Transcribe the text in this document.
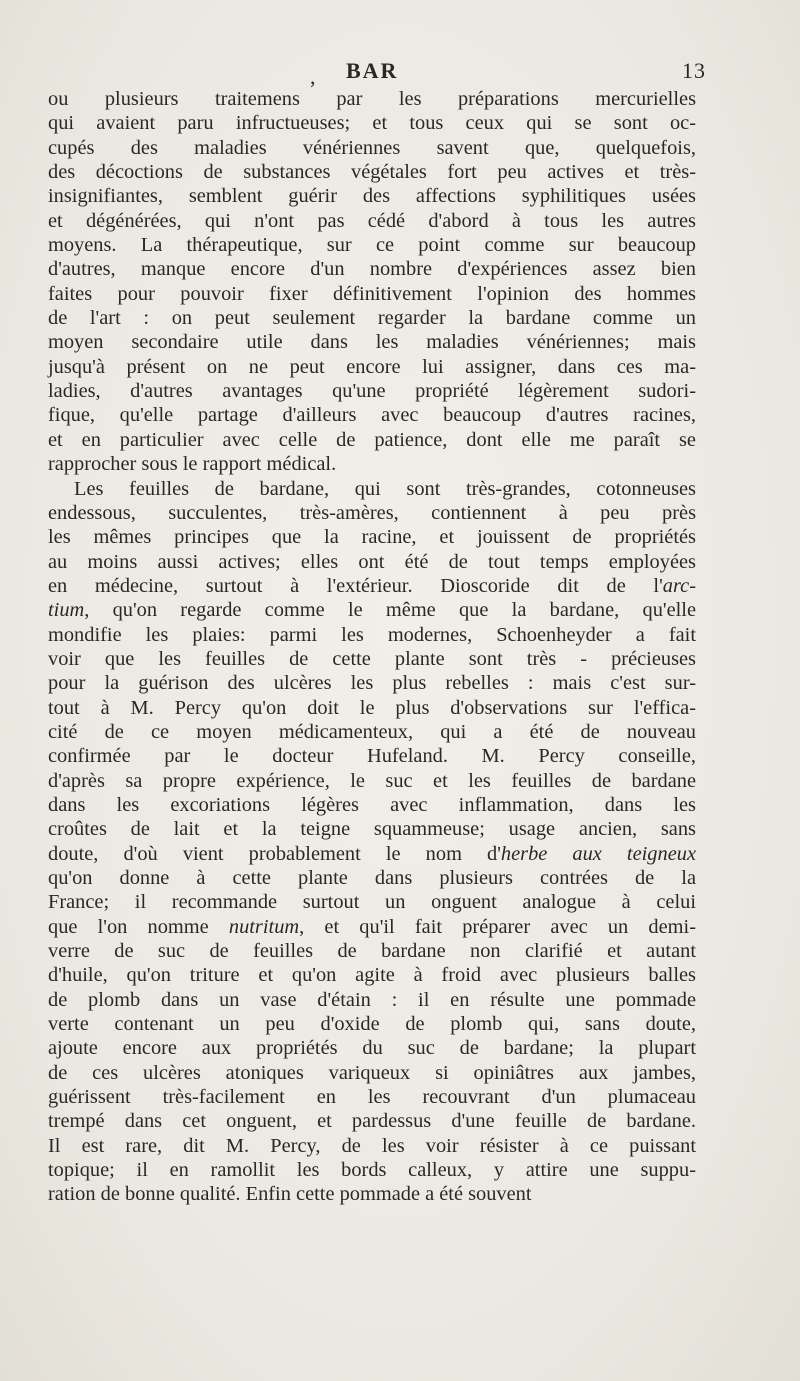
, BAR	13
ou plusieurs traitemens par les préparations mercurielles
qui avaient paru infructueuses; et tous ceux qui se sont oc-
cupés des maladies vénériennes savent que, quelquefois,
des décoctions de substances végétales fort peu actives et très-
insignifiantes, semblent guérir des affections syphilitiques usées
et dégénérées, qui n'ont pas cédé d'abord à tous les autres
moyens. La thérapeutique, sur ce point comme sur beaucoup
d'autres, manque encore d'un nombre d'expériences assez bien
faites pour pouvoir fixer définitivement l'opinion des hommes
de l'art : on peut seulement regarder la bardane comme un
moyen secondaire utile dans les maladies vénériennes; mais
jusqu'à présent on ne peut encore lui assigner, dans ces ma-
ladies, d'autres avantages qu'une propriété légèrement sudori-
fique, qu'elle partage d'ailleurs avec beaucoup d'autres racines,
et en particulier avec celle de patience, dont elle me paraît se
rapprocher sous le rapport médical.
Les feuilles de bardane, qui sont très-grandes, cotonneuses
endessous, succulentes, très-amères, contiennent à peu près
les mêmes principes que la racine, et jouissent de propriétés
au moins aussi actives; elles ont été de tout temps employées
en médecine, surtout à l'extérieur. Dioscoride dit de l'arc-
tium, qu'on regarde comme le même que la bardane, qu'elle
mondifie les plaies: parmi les modernes, Schoenheyder a fait
voir que les feuilles de cette plante sont très - précieuses
pour la guérison des ulcères les plus rebelles : mais c'est sur-
tout à M. Percy qu'on doit le plus d'observations sur l'effica-
cité de ce moyen médicamenteux, qui a été de nouveau
confirmée par le docteur Hufeland. M. Percy conseille,
d'après sa propre expérience, le suc et les feuilles de bardane
dans les excoriations légères avec inflammation, dans les
croûtes de lait et la teigne squammeuse; usage ancien, sans
doute, d'où vient probablement le nom d'herbe aux teigneux
qu'on donne à cette plante dans plusieurs contrées de la
France; il recommande surtout un onguent analogue à celui
que l'on nomme nutritum, et qu'il fait préparer avec un demi-
verre de suc de feuilles de bardane non clarifié et autant
d'huile, qu'on triture et qu'on agite à froid avec plusieurs balles
de plomb dans un vase d'étain : il en résulte une pommade
verte contenant un peu d'oxide de plomb qui, sans doute,
ajoute encore aux propriétés du suc de bardane; la plupart
de ces ulcères atoniques variqueux si opiniâtres aux jambes,
guérissent très-facilement en les recouvrant d'un plumaceau
trempé dans cet onguent, et pardessus d'une feuille de bardane.
Il est rare, dit M. Percy, de les voir résister à ce puissant
topique; il en ramollit les bords calleux, y attire une suppu-
ration de bonne qualité. Enfin cette pommade a été souvent
